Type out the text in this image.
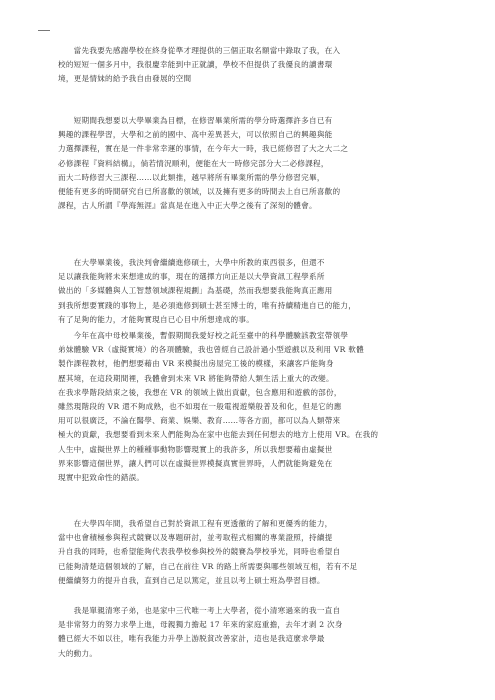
　　當先我要先感謝學校在終身從準才理提供的三個正取名額當中錄取了我，在入
校的短短一個多月中，我很慶幸能到中正就讀，學校不但提供了我優良的讀書環
境，更是情妹的給予我自由發展的空間
　　短期間我想要以大學畢業為目標，在修習畢業所需的學分時選擇許多自已有
興趣的課程學習，大學和之前的國中、高中差異甚大，可以依照自己的興趣與能
力選擇課程，實在是一件非常幸運的事情，在今年大一時，我已經修習了大之大二之
必修課程『資料結構』，倘若情況順利，便能在大一時修完部分大二必修課程，
而大二時修習大三課程……以此類推，越早將所有畢業所需的學分修習完畢，
便能有更多的時間研究自已所喜歡的領域，以及擁有更多的時間去上自已所喜歡的
課程，古人所謂『學海無涯』當真是在進入中正大學之後有了深刻的體會。
　　在大學畢業後，我決判會繼續進修碩士，大學中所教的東西很多，但還不
足以讓我能夠將未來想達成的事，現在的選擇方向正是以大學資訊工程學系所
做出的「多媒體與人工智慧領域課程規劃」為基礎，然而我想要我能夠真正應用
到我所想要實踐的事物上，是必須進修到碩士甚至博士的，唯有持續精進自已的能力，
有了足夠的能力，才能夠實現自已心目中所想達成的事。
　　今年在高中母校畢業後，暫假期間我愛好校之託至臺中的科學體驗該教室帶領學
弟妹體驗 VR（虛擬實境）的各項體驗，我也曾經自己設計過小型遊戲以及利用 VR 軟體
製作課程教材，他們想要藉由 VR 來模擬出房屋完工後的模樣，來讓客戶能夠身
歷其境，在這段期間裡，我體會到未來 VR 將能夠帶給人類生活上重大的改變。
在我求學階段結束之後，我想在 VR 的領域上做出貢獻，包含應用和遊戲的部份，
雖然現階段的 VR 還不夠成熟，也不如現在一般電視遊樂般普及和化，但是它的應
用可以很廣泛，不論在醫學、商業、娛樂、教育……等各方面，都可以為人類帶來
極大的貢獻，我想要看到未來人們能夠為在家中也能去到任何想去的地方上使用 VR。在我的
人生中，虛擬世界上的種種事動物影響現實上的我許多，所以我想要藉由虛擬世
界來影響這個世界，讓人們可以在虛擬世界模擬真實世界時，人們就能夠避免在
現實中犯致命性的錯誤。
　　在大學四年間，我希望自己對於資訊工程有更透徹的了解和更優秀的能力，
當中也會積極參與程式競賽以及專題研討，並考取程式相關的專業證照，持續提
升自我的同時，也希望能夠代表我學校參與校外的競賽為學校爭光，同時也希望自
已能夠清楚這個領域的了解，自己在前往 VR 的路上所需要與哪些領域互相，若有不足
便繼續努力的提升自我，直到自己足以篤定，並且以考上碩士班為學習目標。
　　我是單親清寒子弟，也是家中三代唯一考上大學者，從小清寒過來的我一直自
是非常努力的努力求學上進，母親獨力擔起 17 年來的家庭重擔，去年才剥 2 次身
體已經大不如以往，唯有我能力升學上游脱貧改善家計，這也是我這麼求學最
大的動力。
